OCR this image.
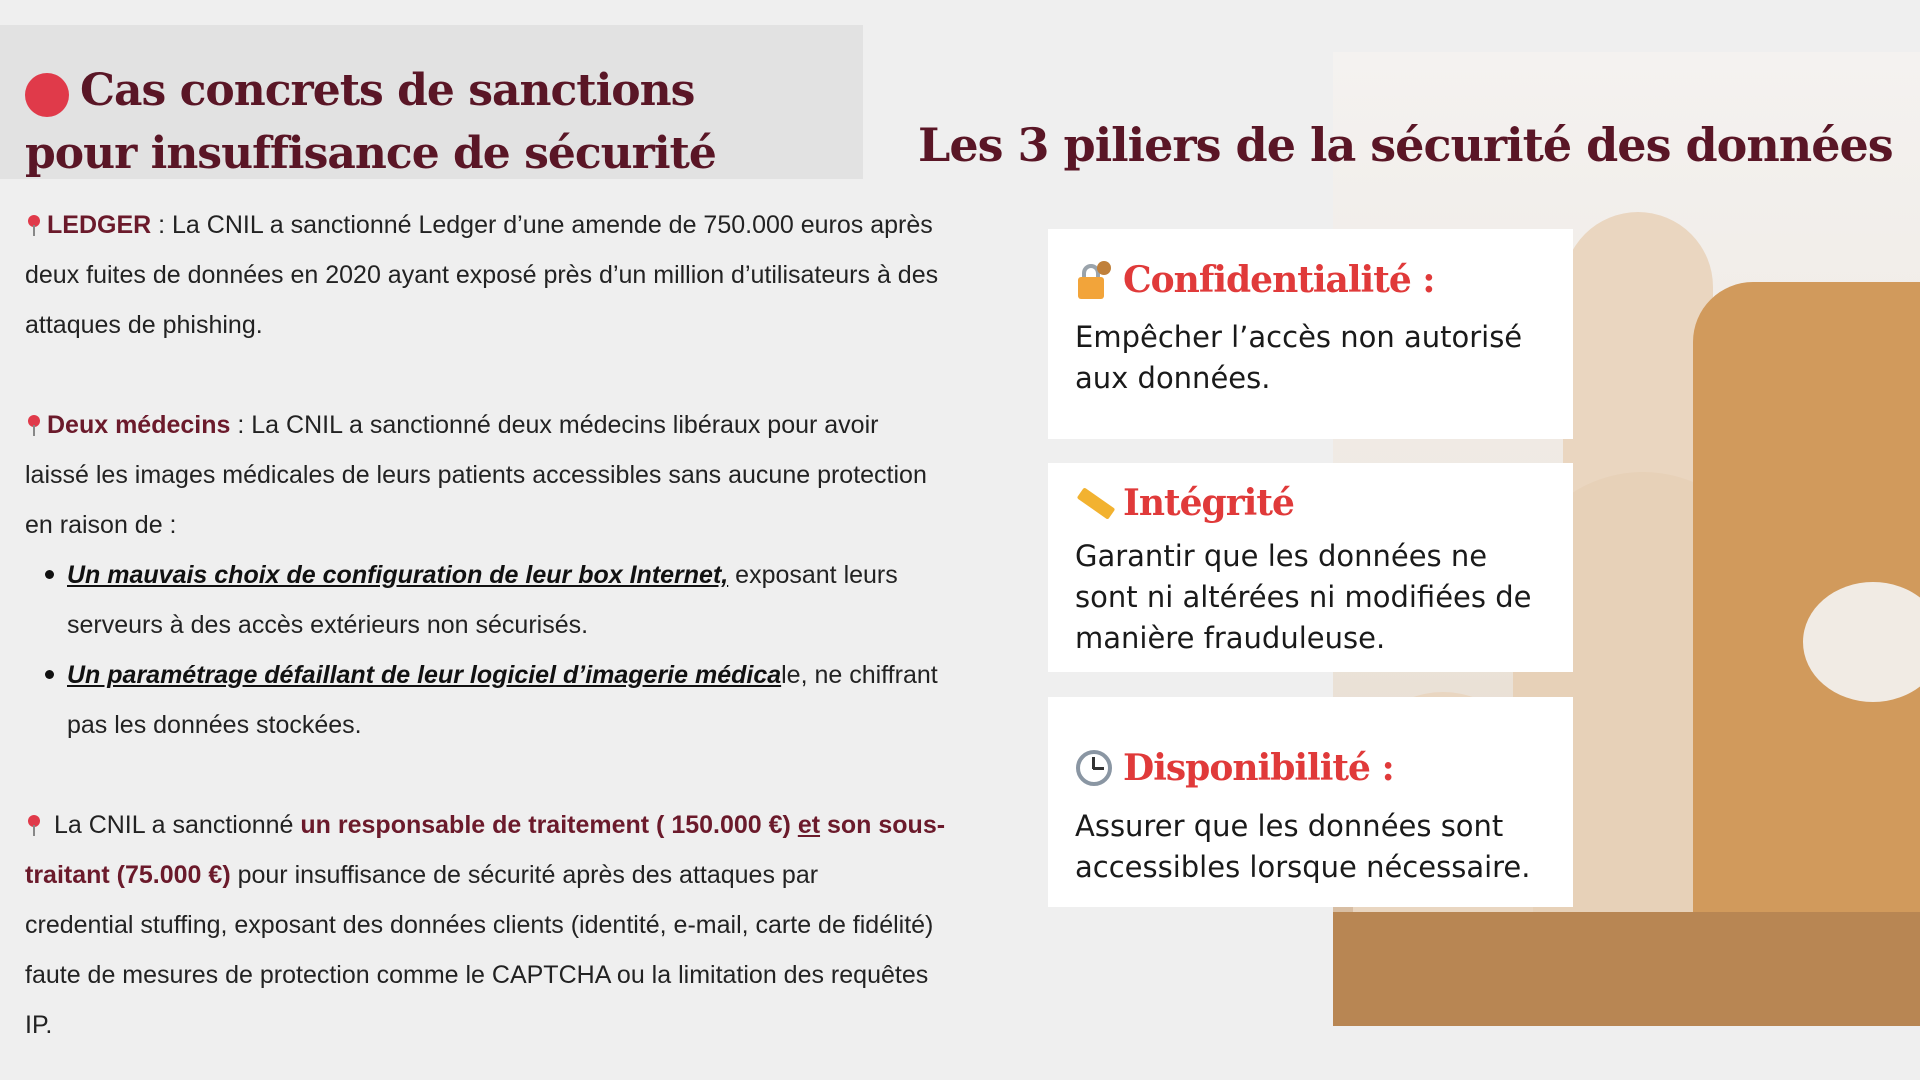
Cas concrets de sanctions
pour insuffisance de sécurité
LEDGER : La CNIL a sanctionné Ledger d’une amende de 750.000 euros après
deux fuites de données en 2020 ayant exposé près d’un million d’utilisateurs à des
attaques de phishing.
Deux médecins : La CNIL a sanctionné deux médecins libéraux pour avoir
laissé les images médicales de leurs patients accessibles sans aucune protection
en raison de :
Un mauvais choix de configuration de leur box Internet, exposant leurs
serveurs à des accès extérieurs non sécurisés.
Un paramétrage défaillant de leur logiciel d’imagerie médicale, ne chiffrant
pas les données stockées.
La CNIL a sanctionné un responsable de traitement ( 150.000 €) et son sous-
traitant (75.000 €) pour insuffisance de sécurité après des attaques par
credential stuffing, exposant des données clients (identité, e-mail, carte de fidélité)
faute de mesures de protection comme le CAPTCHA ou la limitation des requêtes
IP.
Les 3 piliers de la sécurité des données
Confidentialité :
Empêcher l’accès non autorisé
aux données.
Intégrité
Garantir que les données ne
sont ni altérées ni modifiées de
manière frauduleuse.
Disponibilité :
Assurer que les données sont
accessibles lorsque nécessaire.
